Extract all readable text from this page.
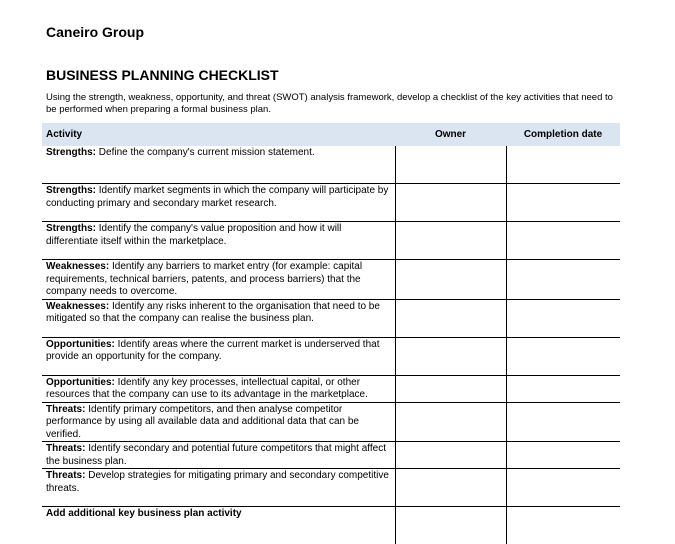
Caneiro Group
BUSINESS PLANNING CHECKLIST
Using the strength, weakness, opportunity, and threat (SWOT) analysis framework, develop a checklist of the key activities that need to be performed when preparing a formal business plan.
Activity	Owner	Completion date
Strengths: Define the company's current mission statement.		
Strengths: Identify market segments in which the company will participate by conducting primary and secondary market research.		
Strengths: Identify the company's value proposition and how it will differentiate itself within the marketplace.		
Weaknesses: Identify any barriers to market entry (for example: capital requirements, technical barriers, patents, and process barriers) that the company needs to overcome.		
Weaknesses: Identify any risks inherent to the organisation that need to be mitigated so that the company can realise the business plan.		
Opportunities: Identify areas where the current market is underserved that provide an opportunity for the company.		
Opportunities: Identify any key processes, intellectual capital, or other resources that the company can use to its advantage in the marketplace.		
Threats: Identify primary competitors, and then analyse competitor performance by using all available data and additional data that can be verified.		
Threats: Identify secondary and potential future competitors that might affect the business plan.		
Threats: Develop strategies for mitigating primary and secondary competitive threats.		
Add additional key business plan activity		
